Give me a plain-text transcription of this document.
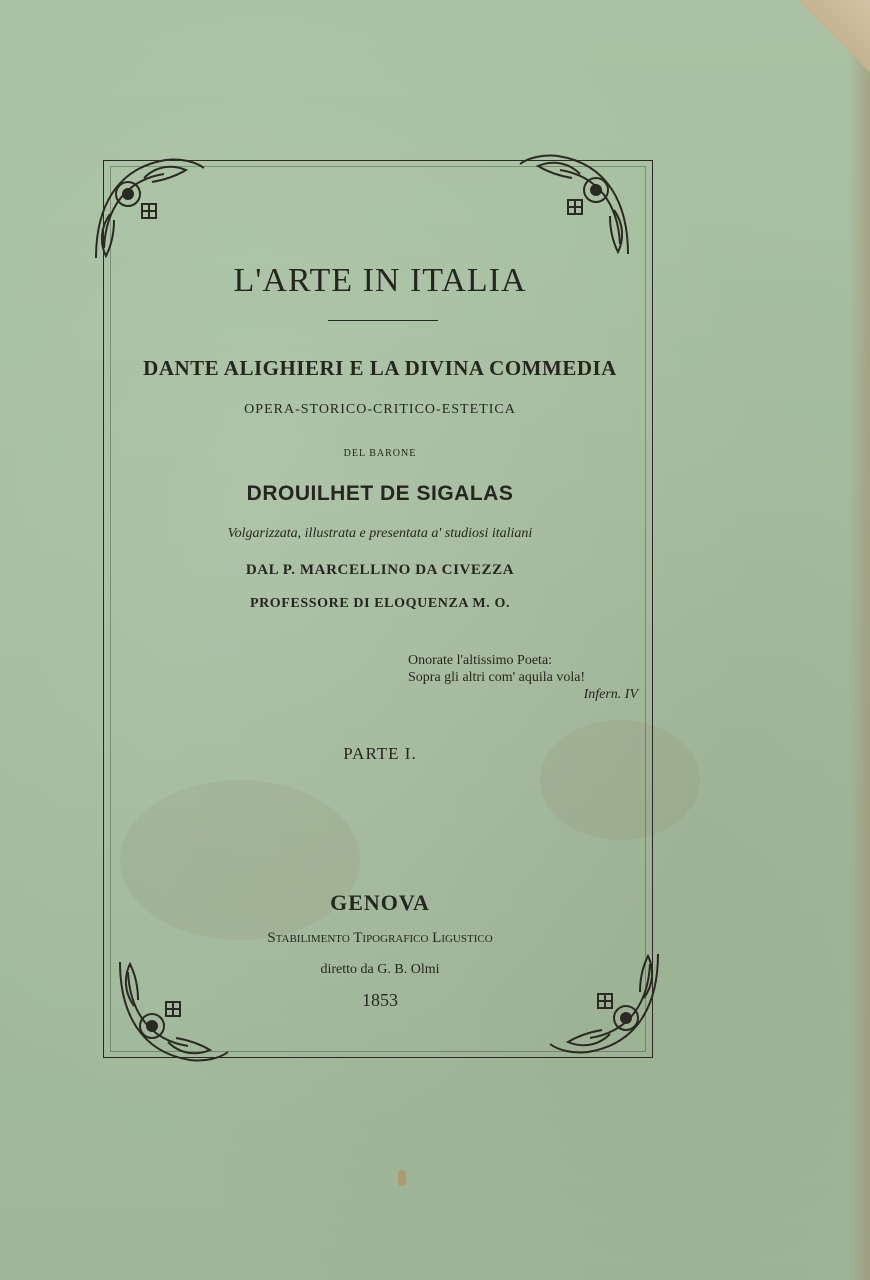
L'ARTE IN ITALIA
DANTE ALIGHIERI E LA DIVINA COMMEDIA
OPERA-STORICO-CRITICO-ESTETICA
DEL BARONE
DROUILHET DE SIGALAS
Volgarizzata, illustrata e presentata a' studiosi italiani
DAL P. MARCELLINO DA CIVEZZA
PROFESSORE DI ELOQUENZA M. O.
Onorate l'altissimo Poeta:
Sopra gli altri com' aquila vola!
Infern. IV
PARTE I.
GENOVA
Stabilimento Tipografico Ligustico
diretto da G. B. Olmi
1853
